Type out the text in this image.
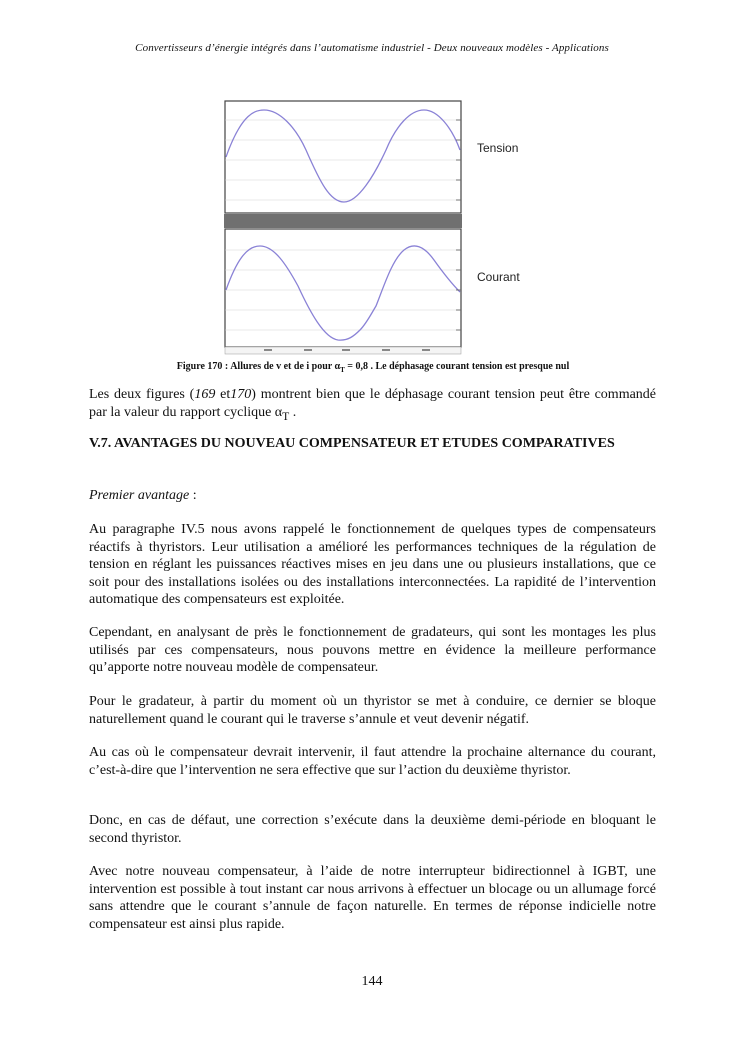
Convertisseurs d’énergie intégrés dans l’automatisme industriel - Deux nouveaux modèles - Applications
Tension
Courant
Figure 170 : Allures de v et de i pour $\alpha_T = 0,8$ . Le déphasage courant tension est presque nul

Les deux figures (169 et170) montrent bien que le déphasage courant tension peut être commandé par la valeur du rapport cyclique $\alpha_T$ .

V.7. AVANTAGES DU NOUVEAU COMPENSATEUR ET ETUDES COMPARATIVES

Premier avantage :

Au paragraphe IV.5 nous avons rappelé le fonctionnement de quelques types de compensateurs réactifs à thyristors. Leur utilisation a amélioré les performances techniques de la régulation de tension en réglant les puissances réactives mises en jeu dans une ou plusieurs installations, que ce soit pour des installations isolées ou des installations interconnectées. La rapidité de l’intervention automatique des compensateurs est exploitée.

Cependant, en analysant de près le fonctionnement de gradateurs, qui sont les montages les plus utilisés par ces compensateurs, nous pouvons mettre en évidence la meilleure performance qu’apporte notre nouveau modèle de compensateur.

Pour le gradateur, à partir du moment où un thyristor se met à conduire, ce dernier se bloque naturellement quand le courant qui le traverse s’annule et veut devenir négatif.

Au cas où le compensateur devrait intervenir, il faut attendre la prochaine alternance du courant, c’est-à-dire que l’intervention ne sera effective que sur l’action du deuxième thyristor.

Donc, en cas de défaut, une correction s’exécute dans la deuxième demi-période en bloquant le second thyristor.

Avec notre nouveau compensateur, à l’aide de notre interrupteur bidirectionnel à IGBT, une intervention est possible à tout instant car nous arrivons à effectuer un blocage ou un allumage forcé sans attendre que le courant s’annule de façon naturelle. En termes de réponse indicielle notre compensateur est ainsi plus rapide.

144
